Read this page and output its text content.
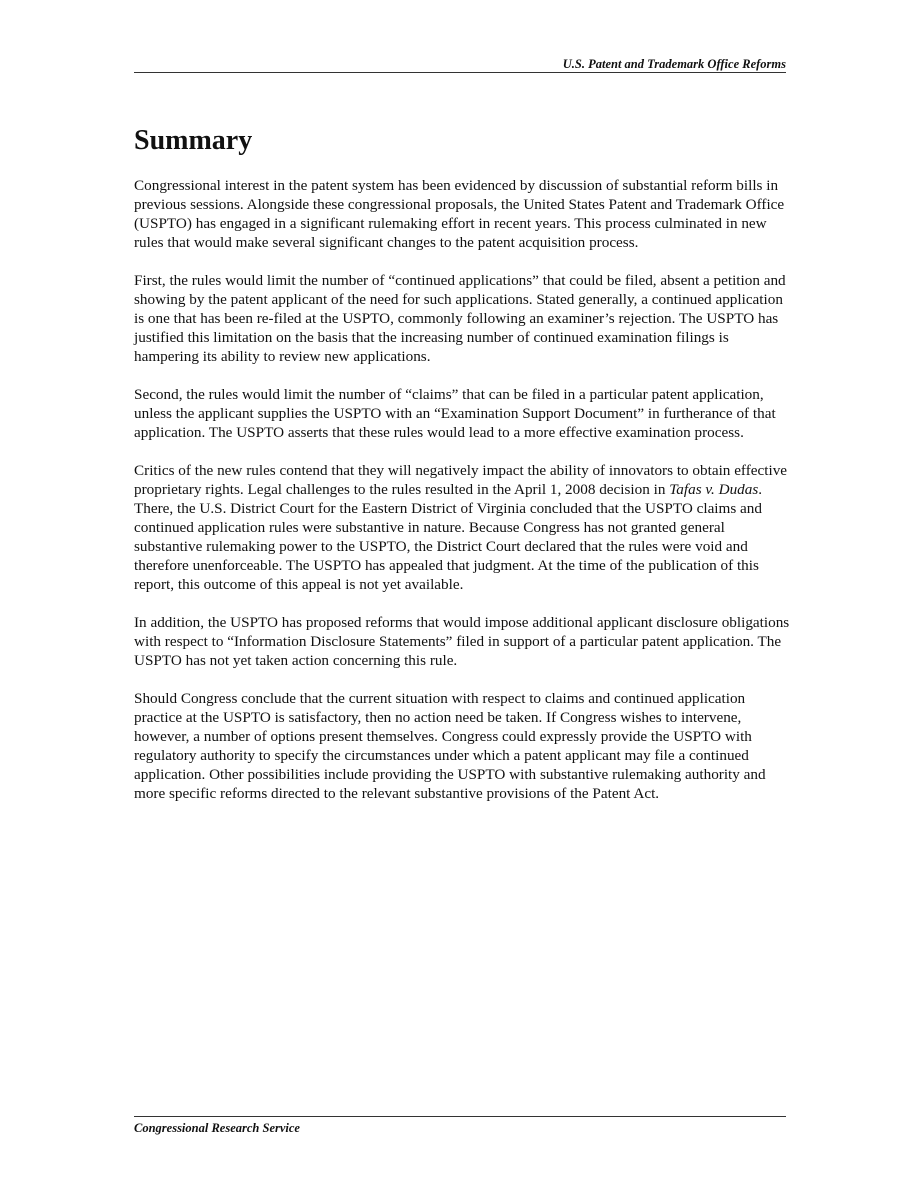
U.S. Patent and Trademark Office Reforms
Summary

Congressional interest in the patent system has been evidenced by discussion of substantial reform bills in previous sessions. Alongside these congressional proposals, the United States Patent and Trademark Office (USPTO) has engaged in a significant rulemaking effort in recent years. This process culminated in new rules that would make several significant changes to the patent acquisition process.

First, the rules would limit the number of “continued applications” that could be filed, absent a petition and showing by the patent applicant of the need for such applications. Stated generally, a continued application is one that has been re-filed at the USPTO, commonly following an examiner’s rejection. The USPTO has justified this limitation on the basis that the increasing number of continued examination filings is hampering its ability to review new applications.

Second, the rules would limit the number of “claims” that can be filed in a particular patent application, unless the applicant supplies the USPTO with an “Examination Support Document” in furtherance of that application. The USPTO asserts that these rules would lead to a more effective examination process.

Critics of the new rules contend that they will negatively impact the ability of innovators to obtain effective proprietary rights. Legal challenges to the rules resulted in the April 1, 2008 decision in Tafas v. Dudas. There, the U.S. District Court for the Eastern District of Virginia concluded that the USPTO claims and continued application rules were substantive in nature. Because Congress has not granted general substantive rulemaking power to the USPTO, the District Court declared that the rules were void and therefore unenforceable. The USPTO has appealed that judgment. At the time of the publication of this report, this outcome of this appeal is not yet available.

In addition, the USPTO has proposed reforms that would impose additional applicant disclosure obligations with respect to “Information Disclosure Statements” filed in support of a particular patent application. The USPTO has not yet taken action concerning this rule.

Should Congress conclude that the current situation with respect to claims and continued application practice at the USPTO is satisfactory, then no action need be taken. If Congress wishes to intervene, however, a number of options present themselves. Congress could expressly provide the USPTO with regulatory authority to specify the circumstances under which a patent applicant may file a continued application. Other possibilities include providing the USPTO with substantive rulemaking authority and more specific reforms directed to the relevant substantive provisions of the Patent Act.

Congressional Research Service
